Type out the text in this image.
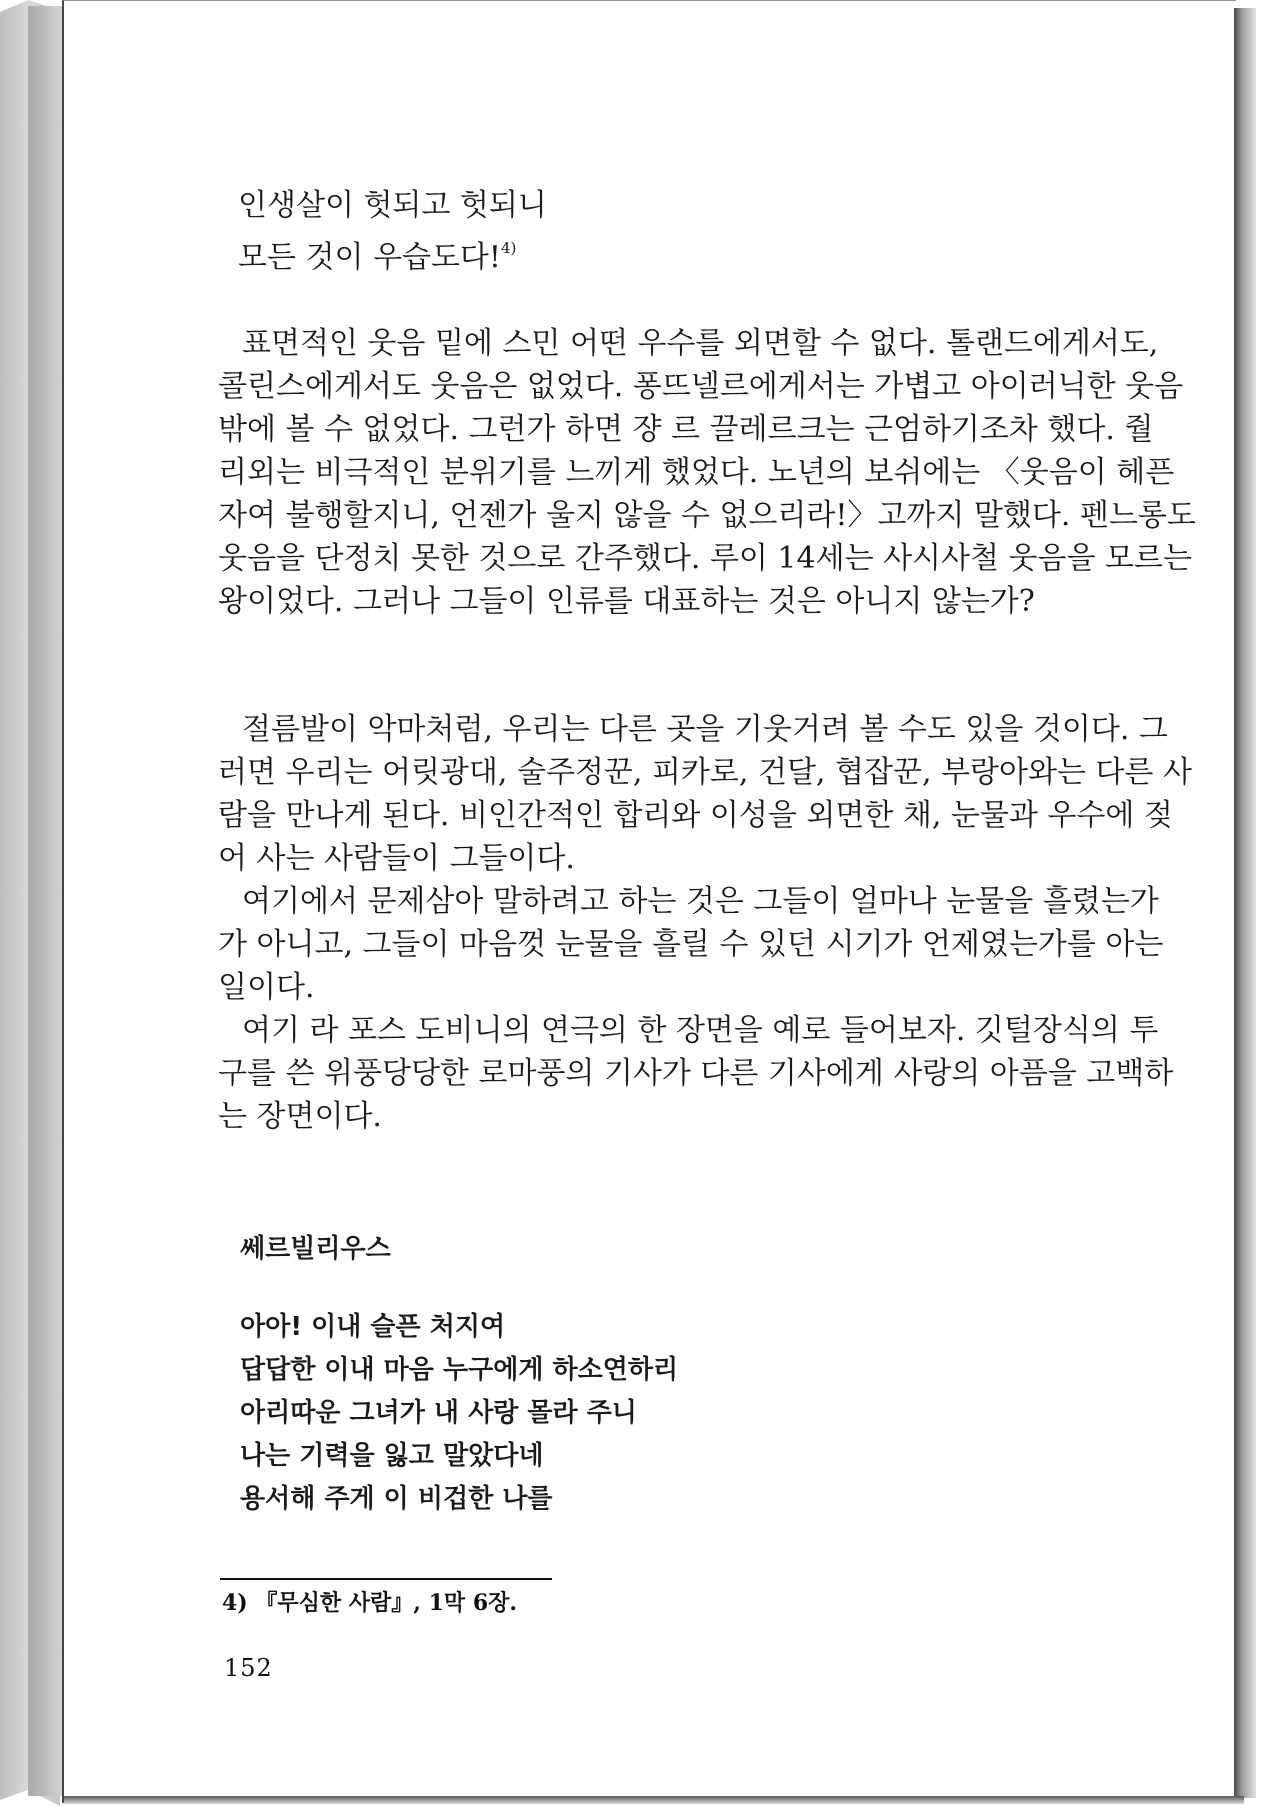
인생살이 헛되고 헛되니
모든 것이 우습도다!$^{4)}$
표면적인 웃음 밑에 스민 어떤 우수를 외면할 수 없다. 톨랜드에게서도,
콜린스에게서도 웃음은 없었다. 퐁뜨넬르에게서는 가볍고 아이러닉한 웃음
밖에 볼 수 없었다. 그런가 하면 쟝 르 끌레르크는 근엄하기조차 했다. 줠
리외는 비극적인 분위기를 느끼게 했었다. 노년의 보쉬에는 〈웃음이 헤픈
자여 불행할지니, 언젠가 울지 않을 수 없으리라!〉고까지 말했다. 펜느롱도
웃음을 단정치 못한 것으로 간주했다. 루이 14세는 사시사철 웃음을 모르는
왕이었다. 그러나 그들이 인류를 대표하는 것은 아니지 않는가?
절름발이 악마처럼, 우리는 다른 곳을 기웃거려 볼 수도 있을 것이다. 그
러면 우리는 어릿광대, 술주정꾼, 피카로, 건달, 협잡꾼, 부랑아와는 다른 사
람을 만나게 된다. 비인간적인 합리와 이성을 외면한 채, 눈물과 우수에 젖
어 사는 사람들이 그들이다.
여기에서 문제삼아 말하려고 하는 것은 그들이 얼마나 눈물을 흘렸는가
가 아니고, 그들이 마음껏 눈물을 흘릴 수 있던 시기가 언제였는가를 아는
일이다.
여기 라 포스 도비니의 연극의 한 장면을 예로 들어보자. 깃털장식의 투
구를 쓴 위풍당당한 로마풍의 기사가 다른 기사에게 사랑의 아픔을 고백하
는 장면이다.
쎄르빌리우스
아아! 이내 슬픈 처지여
답답한 이내 마음 누구에게 하소연하리
아리따운 그녀가 내 사랑 몰라 주니
나는 기력을 잃고 말았다네
용서해 주게 이 비겁한 나를
4) 『무심한 사람』, 1막 6장.
152
